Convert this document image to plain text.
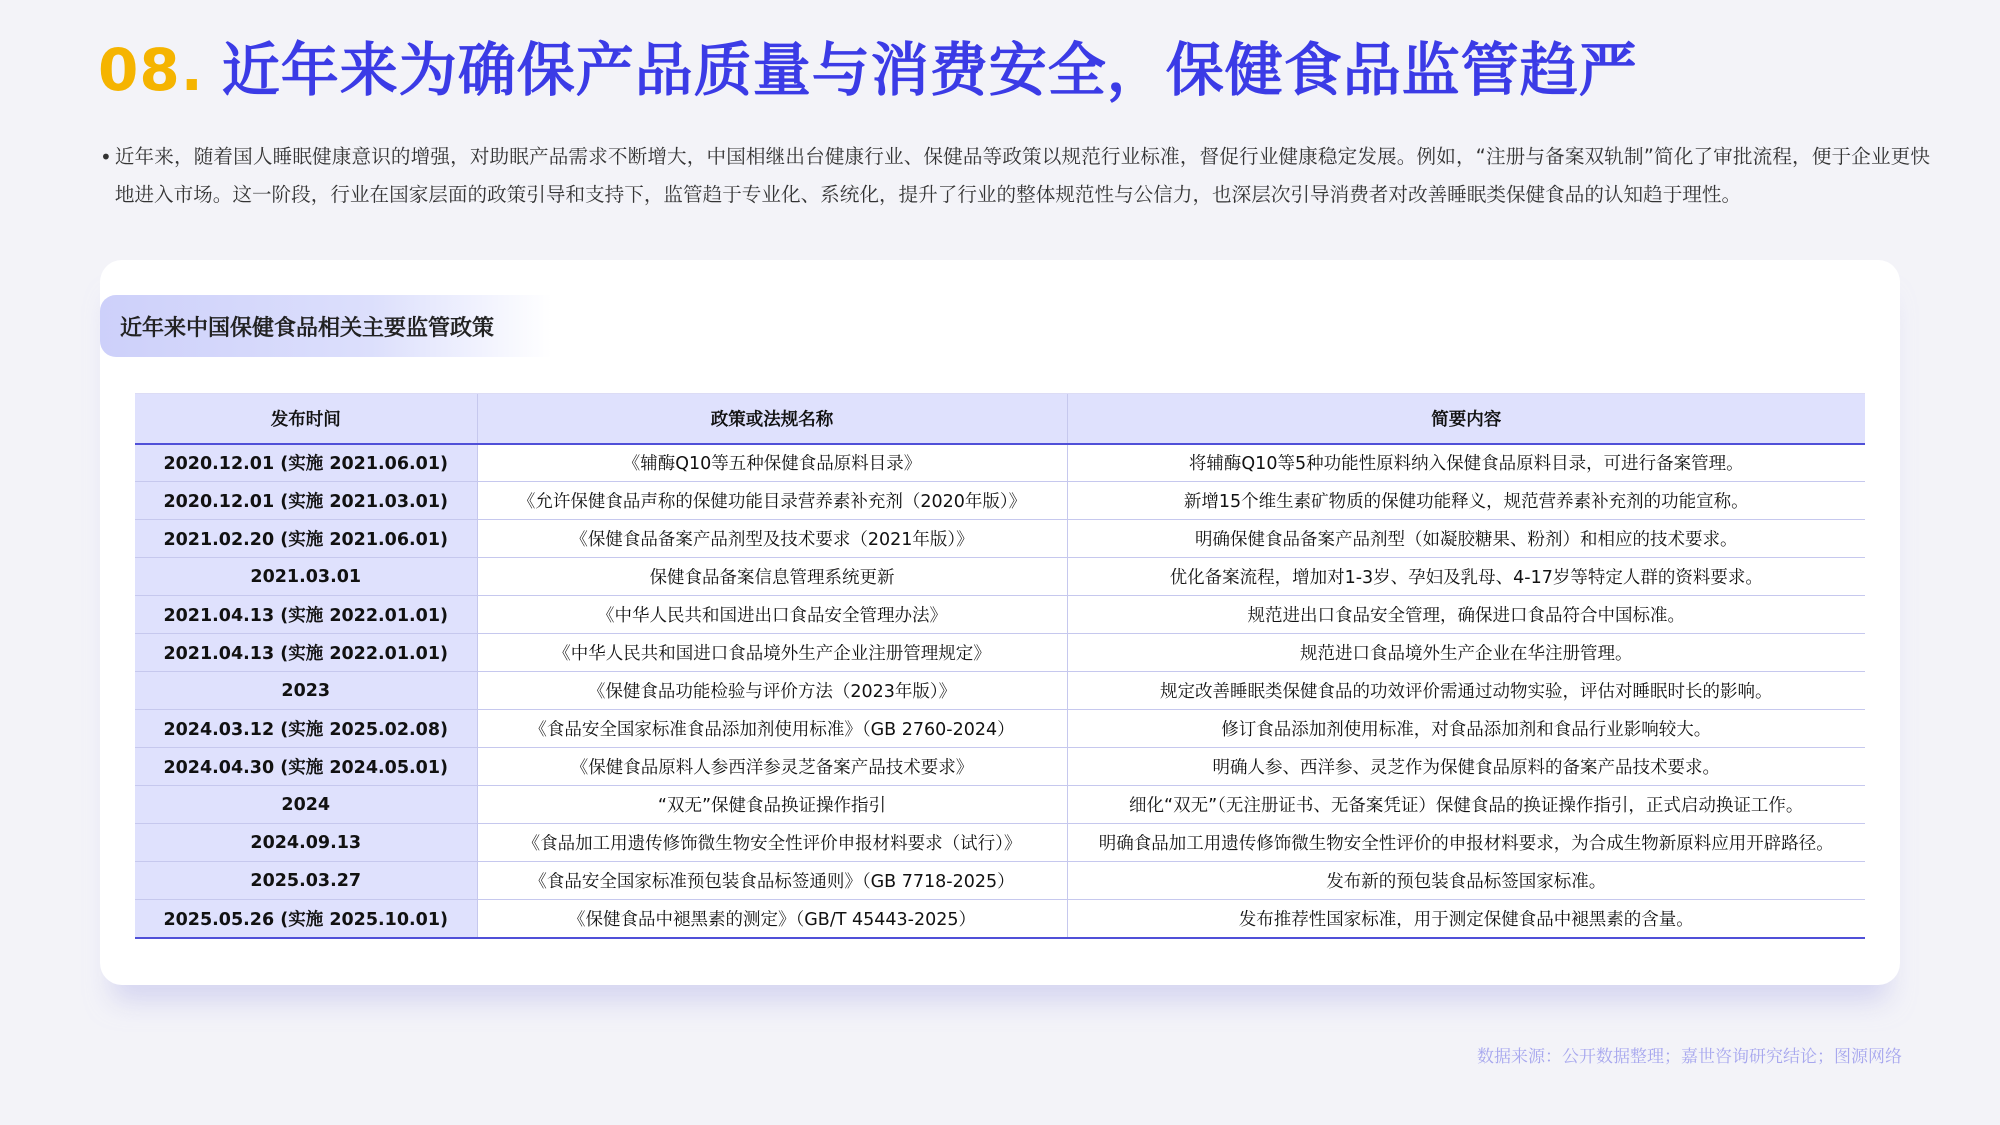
08. 近年来为确保产品质量与消费安全，保健食品监管趋严
• 近年来，随着国人睡眠健康意识的增强，对助眠产品需求不断增大，中国相继出台健康行业、保健品等政策以规范行业标准，督促行业健康稳定发展。例如，“注册与备案双轨制”简化了审批流程，便于企业更快地进入市场。这一阶段，行业在国家层面的政策引导和支持下，监管趋于专业化、系统化，提升了行业的整体规范性与公信力，也深层次引导消费者对改善睡眠类保健食品的认知趋于理性。

近年来中国保健食品相关主要监管政策
发布时间	政策或法规名称	简要内容
2020.12.01 (实施 2021.06.01)	《辅酶Q10等五种保健食品原料目录》	将辅酶Q10等5种功能性原料纳入保健食品原料目录，可进行备案管理。
2020.12.01 (实施 2021.03.01)	《允许保健食品声称的保健功能目录营养素补充剂（2020年版）》	新增15个维生素矿物质的保健功能释义，规范营养素补充剂的功能宣称。
2021.02.20 (实施 2021.06.01)	《保健食品备案产品剂型及技术要求（2021年版）》	明确保健食品备案产品剂型（如凝胶糖果、粉剂）和相应的技术要求。
2021.03.01	保健食品备案信息管理系统更新	优化备案流程，增加对1-3岁、孕妇及乳母、4-17岁等特定人群的资料要求。
2021.04.13 (实施 2022.01.01)	《中华人民共和国进出口食品安全管理办法》	规范进出口食品安全管理，确保进口食品符合中国标准。
2021.04.13 (实施 2022.01.01)	《中华人民共和国进口食品境外生产企业注册管理规定》	规范进口食品境外生产企业在华注册管理。
2023	《保健食品功能检验与评价方法（2023年版）》	规定改善睡眠类保健食品的功效评价需通过动物实验，评估对睡眠时长的影响。
2024.03.12 (实施 2025.02.08)	《食品安全国家标准食品添加剂使用标准》（GB 2760-2024）	修订食品添加剂使用标准，对食品添加剂和食品行业影响较大。
2024.04.30 (实施 2024.05.01)	《保健食品原料人参西洋参灵芝备案产品技术要求》	明确人参、西洋参、灵芝作为保健食品原料的备案产品技术要求。
2024	“双无”保健食品换证操作指引	细化“双无”（无注册证书、无备案凭证）保健食品的换证操作指引，正式启动换证工作。
2024.09.13	《食品加工用遗传修饰微生物安全性评价申报材料要求（试行）》	明确食品加工用遗传修饰微生物安全性评价的申报材料要求，为合成生物新原料应用开辟路径。
2025.03.27	《食品安全国家标准预包装食品标签通则》（GB 7718-2025）	发布新的预包装食品标签国家标准。
2025.05.26 (实施 2025.10.01)	《保健食品中褪黑素的测定》（GB/T 45443-2025）	发布推荐性国家标准，用于测定保健食品中褪黑素的含量。
数据来源：公开数据整理；嘉世咨询研究结论；图源网络
